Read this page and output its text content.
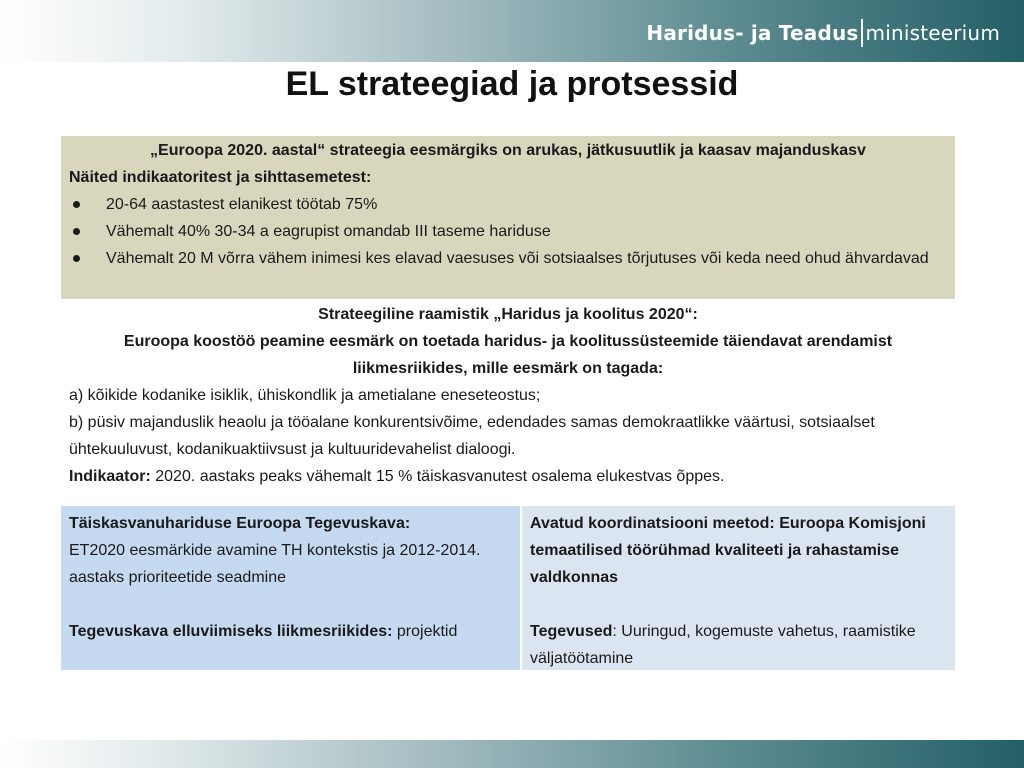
Haridus- ja Teadus ministeerium
EL strateegiad ja protsessid
„Euroopa 2020. aastal“ strateegia eesmärgiks on arukas, jätkusuutlik ja kaasav majanduskasv
Näited indikaatoritest ja sihttasemetest:
20-64 aastastest elanikest töötab 75%
Vähemalt 40% 30-34 a eagrupist omandab III taseme hariduse
Vähemalt 20 M võrra vähem inimesi kes elavad vaesuses või sotsiaalses tõrjutuses või keda need ohud ähvardavad

Strateegiline raamistik „Haridus ja koolitus 2020“:

Euroopa koostöö peamine eesmärk on toetada haridus- ja koolitussüsteemide täiendavat arendamist liikmesriikides, mille eesmärk on tagada:

a) kõikide kodanike isiklik, ühiskondlik ja ametialane eneseteostus;

b) püsiv majanduslik heaolu ja tööalane konkurentsivõime, edendades samas demokraatlikke väärtusi, sotsiaalset ühtekuuluvust, kodanikuaktiivsust ja kultuuridevahelist dialoogi.

Indikaator: 2020. aastaks peaks vähemalt 15 % täiskasvanutest osalema elukestvas õppes.

Täiskasvanuhariduse Euroopa Tegevuskava:

ET2020 eesmärkide avamine TH kontekstis ja 2012-2014. aastaks prioriteetide seadmine

Tegevuskava elluviimiseks liikmesriikides: projektid

Avatud koordinatsiooni meetod: Euroopa Komisjoni temaatilised töörühmad kvaliteeti ja rahastamise valdkonnas

Tegevused: Uuringud, kogemuste vahetus, raamistike väljatöötamine
